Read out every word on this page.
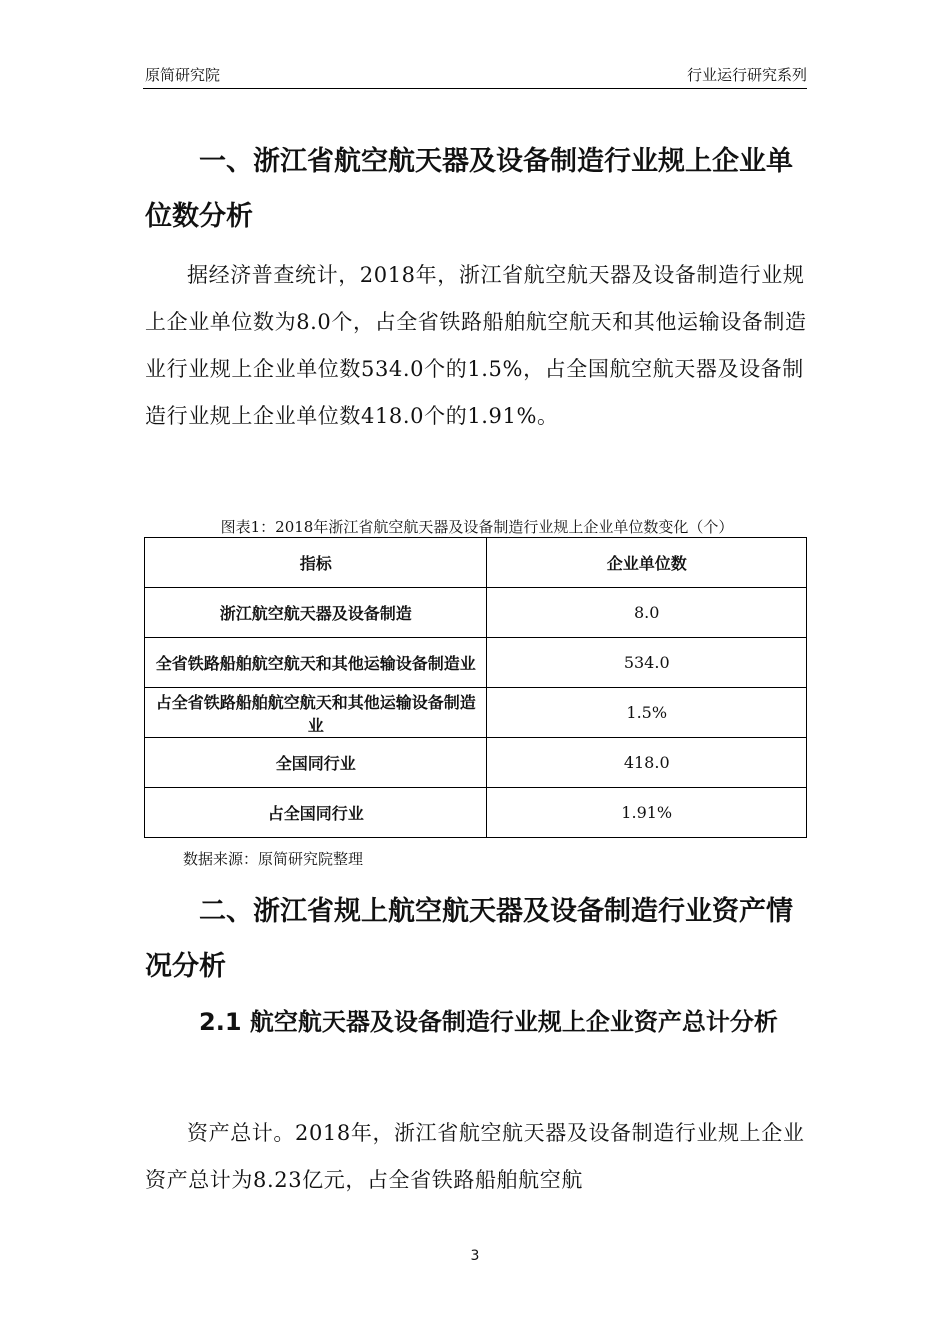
原简研究院	行业运行研究系列
一、浙江省航空航天器及设备制造行业规上企业单位数分析

据经济普查统计，2018年，浙江省航空航天器及设备制造行业规上企业单位数为8.0个，占全省铁路船舶航空航天和其他运输设备制造业行业规上企业单位数534.0个的1.5%，占全国航空航天器及设备制造行业规上企业单位数418.0个的1.91%。

图表1：2018年浙江省航空航天器及设备制造行业规上企业单位数变化（个）
指标	企业单位数
浙江航空航天器及设备制造	8.0
全省铁路船舶航空航天和其他运输设备制造业	534.0
占全省铁路船舶航空航天和其他运输设备制造业	1.5%
全国同行业	418.0
占全国同行业	1.91%
数据来源：原简研究院整理
二、浙江省规上航空航天器及设备制造行业资产情况分析
2.1 航空航天器及设备制造行业规上企业资产总计分析

资产总计。2018年，浙江省航空航天器及设备制造行业规上企业资产总计为8.23亿元，占全省铁路船舶航空航

3
